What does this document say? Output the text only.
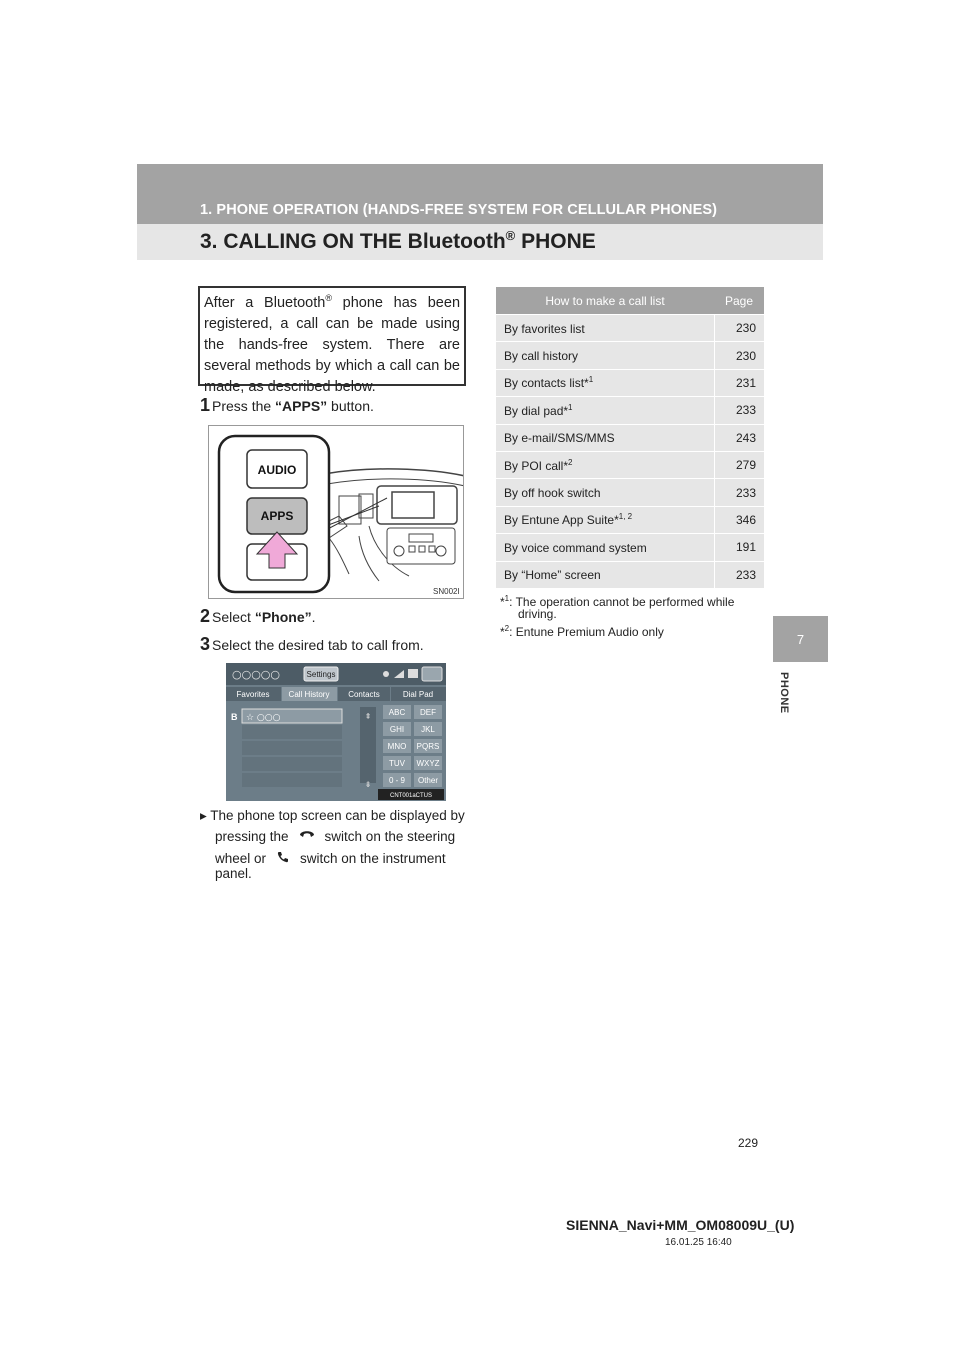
1. PHONE OPERATION (HANDS-FREE SYSTEM FOR CELLULAR PHONES)
3. CALLING ON THE Bluetooth® PHONE
7
PHONE
After a Bluetooth® phone has been registered, a call can be made using the hands-free system. There are several methods by which a call can be made, as described below.
1 Press the “APPS” button.
AUDIO
APPS
SN002I
2 Select “Phone”.
3 Select the desired tab to call from.
○○○○○	Settings
Favorites Call History Contacts	Dial Pad
B ☆ ○○○	⇞
⇟
ABC DEF
GHI JKL
MNO PQRS
TUV WXYZ
0 - 9 Other
CNT001aCTUS
▸ The phone top screen can be displayed by
pressing the	switch on the steering
wheel or	switch on the instrument
panel.
How to make a call list	Page
By favorites list	230
By call history	230
By contacts list*$^1$	231
By dial pad*$^1$	233
By e-mail/SMS/MMS	243
By POI call*$^2$	279
By off hook switch	233
By Entune App Suite*$^{1, 2}$	346
By voice command system	191
By “Home” screen	233
*$^1$: The operation cannot be performed while
driving.
*$^2$: Entune Premium Audio only
229
SIENNA_Navi+MM_OM08009U_(U)
16.01.25 16:40
